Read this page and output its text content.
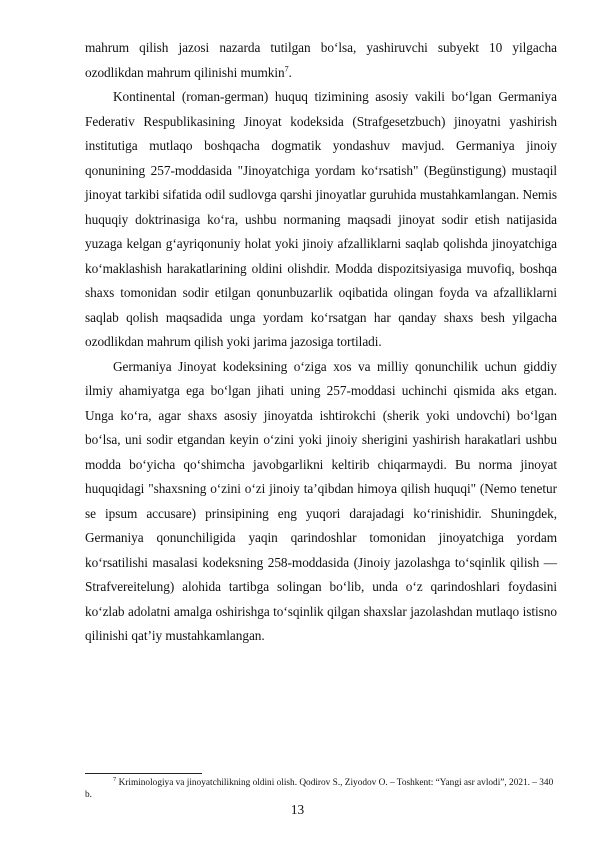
mahrum qilish jazosi nazarda tutilgan bo‘lsa, yashiruvchi subyekt 10 yilgacha ozodlikdan mahrum qilinishi mumkin$^7$.

Kontinental (roman-german) huquq tizimining asosiy vakili bo‘lgan Germaniya Federativ Respublikasining Jinoyat kodeksida (Strafgesetzbuch) jinoyatni yashirish institutiga mutlaqo boshqacha dogmatik yondashuv mavjud. Germaniya jinoiy qonunining 257-moddasida "Jinoyatchiga yordam ko‘rsatish" (Begünstigung) mustaqil jinoyat tarkibi sifatida odil sudlovga qarshi jinoyatlar guruhida mustahkamlangan. Nemis huquqiy doktrinasiga ko‘ra, ushbu normaning maqsadi jinoyat sodir etish natijasida yuzaga kelgan g‘ayriqonuniy holat yoki jinoiy afzalliklarni saqlab qolishda jinoyatchiga ko‘maklashish harakatlarining oldini olishdir. Modda dispozitsiyasiga muvofiq, boshqa shaxs tomonidan sodir etilgan qonunbuzarlik oqibatida olingan foyda va afzalliklarni saqlab qolish maqsadida unga yordam ko‘rsatgan har qanday shaxs besh yilgacha ozodlikdan mahrum qilish yoki jarima jazosiga tortiladi.

Germaniya Jinoyat kodeksining o‘ziga xos va milliy qonunchilik uchun giddiy ilmiy ahamiyatga ega bo‘lgan jihati uning 257-moddasi uchinchi qismida aks etgan. Unga ko‘ra, agar shaxs asosiy jinoyatda ishtirokchi (sherik yoki undovchi) bo‘lgan bo‘lsa, uni sodir etgandan keyin o‘zini yoki jinoiy sherigini yashirish harakatlari ushbu modda bo‘yicha qo‘shimcha javobgarlikni keltirib chiqarmaydi. Bu norma jinoyat huquqidagi "shaxsning o‘zini o‘zi jinoiy ta’qibdan himoya qilish huquqi" (Nemo tenetur se ipsum accusare) prinsipining eng yuqori darajadagi ko‘rinishidir. Shuningdek, Germaniya qonunchiligida yaqin qarindoshlar tomonidan jinoyatchiga yordam ko‘rsatilishi masalasi kodeksning 258-moddasida (Jinoiy jazolashga to‘sqinlik qilish — Strafvereitelung) alohida tartibga solingan bo‘lib, unda o‘z qarindoshlari foydasini ko‘zlab adolatni amalga oshirishga to‘sqinlik qilgan shaxslar jazolashdan mutlaqo istisno qilinishi qat’iy mustahkamlangan.

$^7$ Kriminologiya va jinoyatchilikning oldini olish. Qodirov S., Ziyodov O. – Toshkent: “Yangi asr avlodi”, 2021. – 340 b.
13
